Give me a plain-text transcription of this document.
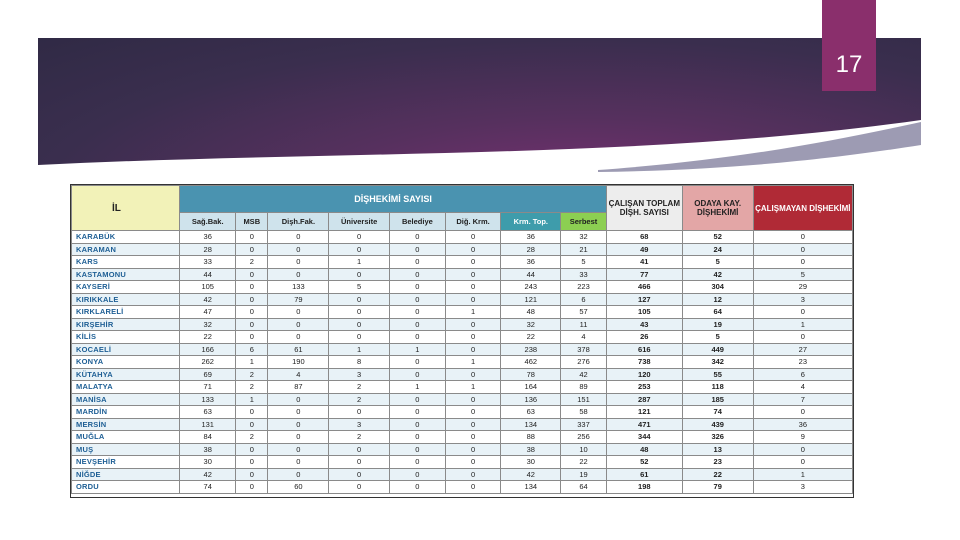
17
İL	DİŞHEKİMİ SAYISI								ÇALIŞAN TOPLAM DİŞH. SAYISI	ODAYA KAY. DİŞHEKİMİ	ÇALIŞMAYAN DİŞHEKİMİ
	Sağ.Bak.	MSB	Dişh.Fak.	Üniversite	Belediye	Diğ. Krm.	Krm. Top.	Serbest			
KARABÜK	36	0	0	0	0	0	36	32	68	52	0
KARAMAN	28	0	0	0	0	0	28	21	49	24	0
KARS	33	2	0	1	0	0	36	5	41	5	0
KASTAMONU	44	0	0	0	0	0	44	33	77	42	5
KAYSERİ	105	0	133	5	0	0	243	223	466	304	29
KIRIKKALE	42	0	79	0	0	0	121	6	127	12	3
KIRKLARELİ	47	0	0	0	0	1	48	57	105	64	0
KIRŞEHİR	32	0	0	0	0	0	32	11	43	19	1
KİLİS	22	0	0	0	0	0	22	4	26	5	0
KOCAELİ	166	6	61	1	1	0	238	378	616	449	27
KONYA	262	1	190	8	0	1	462	276	738	342	23
KÜTAHYA	69	2	4	3	0	0	78	42	120	55	6
MALATYA	71	2	87	2	1	1	164	89	253	118	4
MANİSA	133	1	0	2	0	0	136	151	287	185	7
MARDİN	63	0	0	0	0	0	63	58	121	74	0
MERSİN	131	0	0	3	0	0	134	337	471	439	36
MUĞLA	84	2	0	2	0	0	88	256	344	326	9
MUŞ	38	0	0	0	0	0	38	10	48	13	0
NEVŞEHİR	30	0	0	0	0	0	30	22	52	23	0
NİĞDE	42	0	0	0	0	0	42	19	61	22	1
ORDU	74	0	60	0	0	0	134	64	198	79	3
